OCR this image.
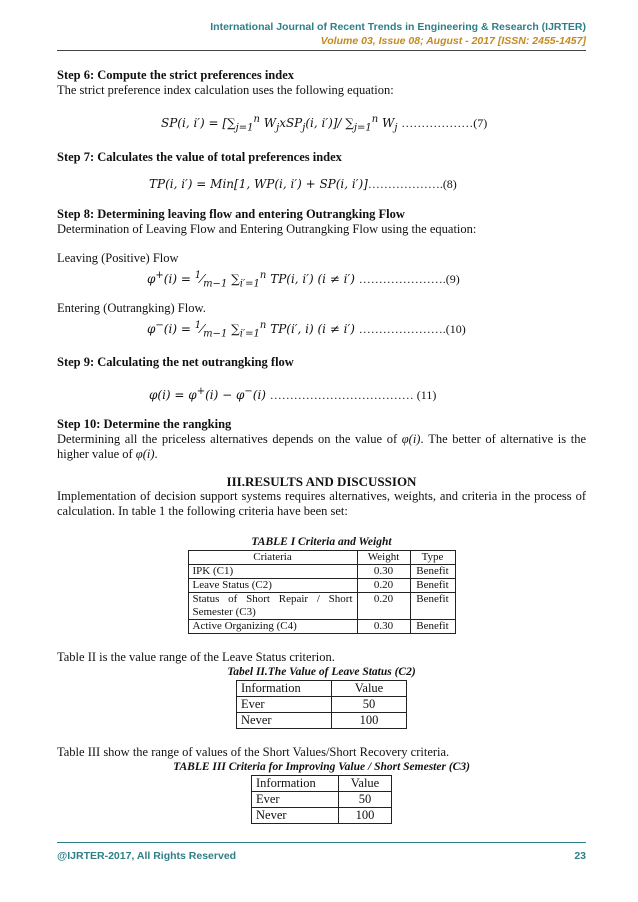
International Journal of Recent Trends in Engineering & Research (IJRTER)
Volume 03, Issue 08; August - 2017 [ISSN: 2455-1457]

Step 6: Compute the strict preferences index

The strict preference index calculation uses the following equation:

SP(i, $i') = [\sum_{j=1}^n$ $W_jxSP_j(i$, i′)]/ $\sum_{j=1}^n$ $W_j$ ………………(7)

Step 7: Calculates the value of total preferences index

TP(i, i′) = Min[1, WP(i, i′) + SP(i, i′)]……………….(8)

Step 8: Determining leaving flow and entering Outrangking Flow

Determination of Leaving Flow and Entering Outrangking Flow using the equation:

Leaving (Positive) Flow

$\varphi^+(i) = ^1⁄_{m-1}$ $\sum_{i'=1}^n$ TP(i, i′) (i ≠ i′) ………………….(9)

Entering (Outrangking) Flow.

$\varphi^-(i) = ^1⁄_{m-1}$ $\sum_{i'=1}^n$ TP(i′, i) (i ≠ i′) ………………….(10)

Step 9: Calculating the net outrangking flow

φ(i) = φ+(i) − φ−(i) ……………………………… (11)

Step 10: Determine the rangking

Determining all the priceless alternatives depends on the value of φ(i). The better of alternative is the higher value of φ(i).

III.RESULTS AND DISCUSSION

Implementation of decision support systems requires alternatives, weights, and criteria in the process of calculation. In table 1 the following criteria have been set:

TABLE I Criteria and Weight

Criateria	Weight	Type
IPK (C1)	0.30	Benefit
Leave Status (C2)	0.20	Benefit
Status of Short Repair / Short Semester (C3)	0.20	Benefit
Active Organizing (C4)	0.30	Benefit

Table II is the value range of the Leave Status criterion.

Tabel II.The Value of Leave Status (C2)

Information	Value
Ever	50
Never	100

Table III show the range of values of the Short Values/Short Recovery criteria.

TABLE III Criteria for Improving Value / Short Semester (C3)

Information	Value
Ever	50
Never	100
@IJRTER-2017, All Rights Reserved	23
